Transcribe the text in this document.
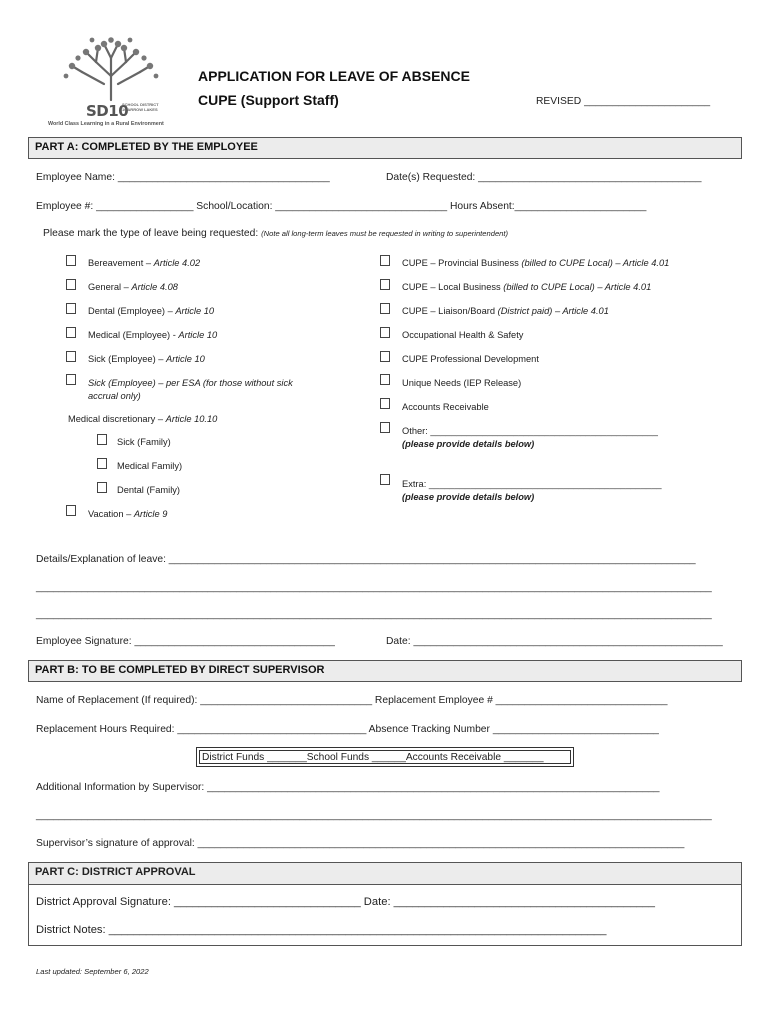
SD10
SCHOOL DISTRICT 10 ARROW LAKES
World Class Learning in a Rural Environment
APPLICATION FOR LEAVE OF ABSENCE
CUPE (Support Staff)	REVISED ______________________
PART A: COMPLETED BY THE EMPLOYEE
Employee Name: _____________________________________	Date(s) Requested: _______________________________________
Employee #: _________________ School/Location: ______________________________ Hours Absent:_______________________
Please mark the type of leave being requested: (Note all long-term leaves must be requested in writing to superintendent)
Bereavement – Article 4.02
General – Article 4.08
Dental (Employee) – Article 10
Medical (Employee) - Article 10
Sick (Employee) – Article 10
Sick (Employee) – per ESA (for those without sick
accrual only)
Medical discretionary – Article 10.10
Sick (Family)
Medical Family)
Dental (Family)
Vacation – Article 9
CUPE – Provincial Business (billed to CUPE Local) – Article 4.01
CUPE – Local Business (billed to CUPE Local) – Article 4.01
CUPE – Liaison/Board (District paid) – Article 4.01
Occupational Health & Safety
CUPE Professional Development
Unique Needs (IEP Release)
Accounts Receivable
Other: ____________________________________________
(please provide details below)
Extra: _____________________________________________
(please provide details below)
Details/Explanation of leave: ____________________________________________________________________________________________
______________________________________________________________________________________________________________________
______________________________________________________________________________________________________________________
Employee Signature: ___________________________________	Date: ______________________________________________________
PART B: TO BE COMPLETED BY DIRECT SUPERVISOR
Name of Replacement (If required): ______________________________ Replacement Employee # ______________________________
Replacement Hours Required: _________________________________ Absence Tracking Number _____________________________
District Funds _______School Funds ______Accounts Receivable _______
Additional Information by Supervisor: _______________________________________________________________________________
______________________________________________________________________________________________________________________
Supervisor’s signature of approval: _____________________________________________________________________________________
PART C: DISTRICT APPROVAL
District Approval Signature: ______________________________ Date: __________________________________________
District Notes: ________________________________________________________________________________
Last updated: September 6, 2022
